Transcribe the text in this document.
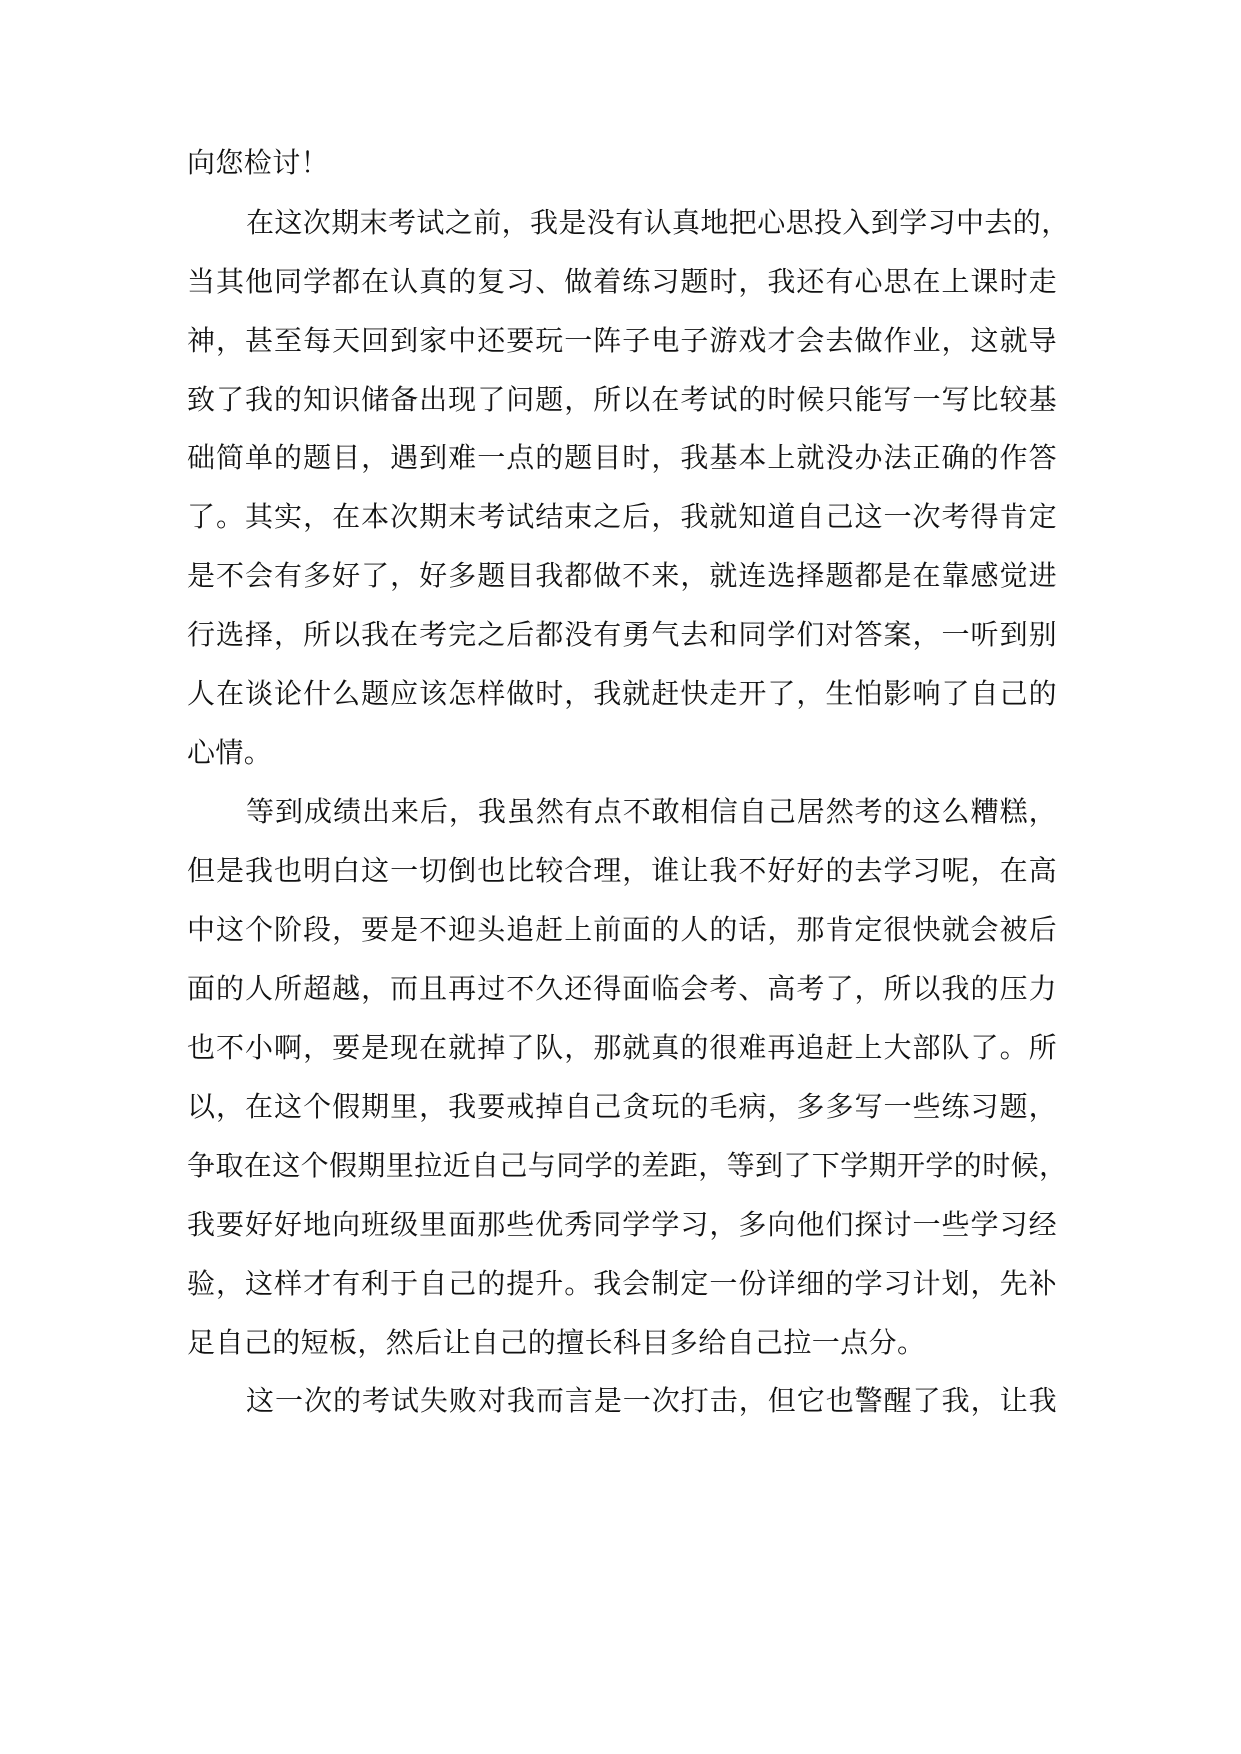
向您检讨！

在这次期末考试之前，我是没有认真地把心思投入到学习中去的，

当其他同学都在认真的复习、做着练习题时，我还有心思在上课时走

神，甚至每天回到家中还要玩一阵子电子游戏才会去做作业，这就导

致了我的知识储备出现了问题，所以在考试的时候只能写一写比较基

础简单的题目，遇到难一点的题目时，我基本上就没办法正确的作答

了。其实，在本次期末考试结束之后，我就知道自己这一次考得肯定

是不会有多好了，好多题目我都做不来，就连选择题都是在靠感觉进

行选择，所以我在考完之后都没有勇气去和同学们对答案，一听到别

人在谈论什么题应该怎样做时，我就赶快走开了，生怕影响了自己的

心情。

等到成绩出来后，我虽然有点不敢相信自己居然考的这么糟糕，

但是我也明白这一切倒也比较合理，谁让我不好好的去学习呢，在高

中这个阶段，要是不迎头追赶上前面的人的话，那肯定很快就会被后

面的人所超越，而且再过不久还得面临会考、高考了，所以我的压力

也不小啊，要是现在就掉了队，那就真的很难再追赶上大部队了。所

以，在这个假期里，我要戒掉自己贪玩的毛病，多多写一些练习题，

争取在这个假期里拉近自己与同学的差距，等到了下学期开学的时候，

我要好好地向班级里面那些优秀同学学习，多向他们探讨一些学习经

验，这样才有利于自己的提升。我会制定一份详细的学习计划，先补

足自己的短板，然后让自己的擅长科目多给自己拉一点分。

这一次的考试失败对我而言是一次打击，但它也警醒了我，让我
